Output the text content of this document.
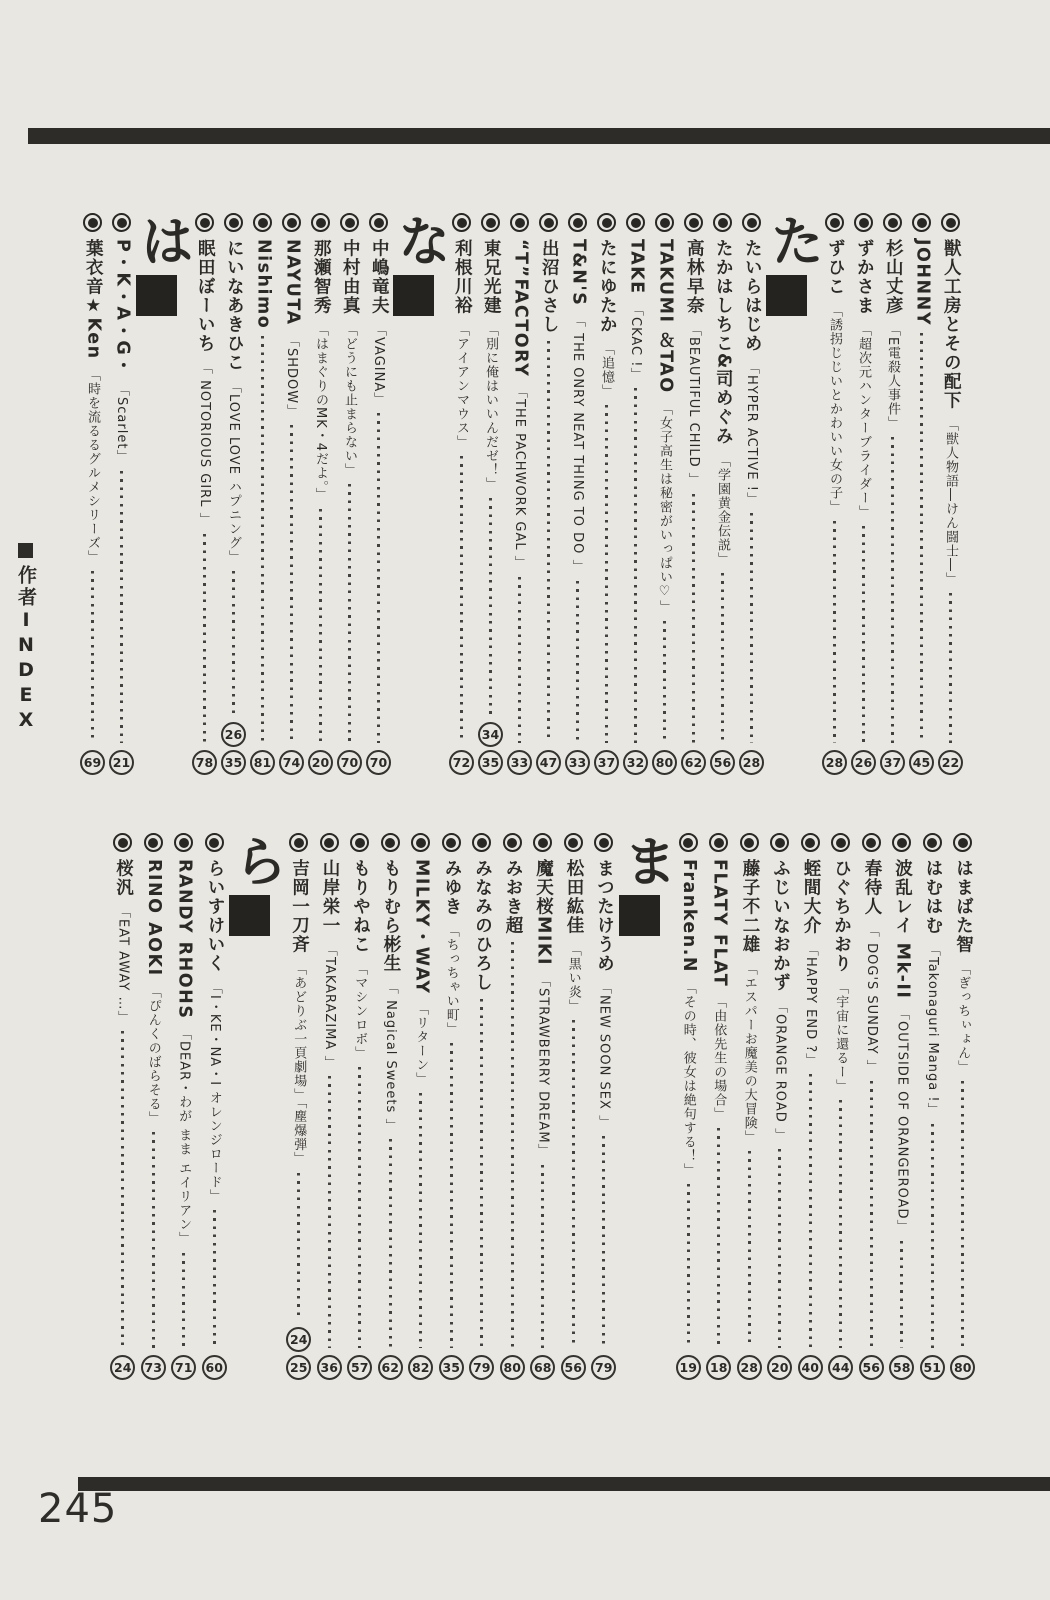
作者INDEX
獣人工房とその配下
「獣人物語―けん闘士―」
22
JOHNNY
45
杉山丈彦
「E電殺人事件」
37
ずかさま
「超次元ハンターブライダー」
26
ずひこ
「誘拐じじいとかわいい女の子」
28
た
たいらはじめ
「HYPER ACTIVE !」
28
たかはしちこ&司めぐみ
「学園黄金伝説」
56
高林早奈
「BEAUTIFUL CHILD 」
62
TAKUMI ＆TAO
「女子高生は秘密がいっぱい♡」
80
TAKE
「CKAC !」
32
たにゆたか
「追憶」
37
T&N'S
「 THE ONRY NEAT THING TO DO 」
33
出沼ひさし
47
“T”FACTORY
「THE PACHWORK GAL 」
33
東兄光建
「別に俺はいいんだゼ！」
34
35
利根川裕
「アイアンマウス」
72
な
中嶋竜夫
「VAGINA」
70
中村由真
「どうにも止まらない」
70
那瀬智秀
「はまぐりのMK・4だよ。」
20
NAYUTA
「SHDOW」
74
Nishimo
81
にいなあきひこ
「LOVE LOVE ハプニング」
26
35
眠田ぼーいち
「 NOTORIOUS GIRL 」
78
は
P・K・A・G・
「Scarlet」
21
葉衣音★Ken
「時を流るるグルメシリーズ」
69
はまばた智
「ぎっちぃょん」
80
はむはむ
「Takonaguri Manga !」
51
波乱レイ Mk-II
「OUTSIDE OF ORANGEROAD」
58
春待人
「 DOG'S SUNDAY 」
56
ひぐちかおり
「宇宙に還るー」
44
蛭間大介
「HAPPY END ?」
40
ふじいなおかず
「ORANGE ROAD 」
20
藤子不二雄
「エスパーお魔美の大冒険」
28
FLATY FLAT
「由依先生の場合」
18
Franken.N
「その時、彼女は絶句する！」
19
ま
まつたけうめ
「NEW SOON SEX 」
79
松田紘佳
「黒い炎」
56
魔天桜MIKI
「STRAWBERRY DREAM」
68
みおき超
80
みなみのひろし
79
みゆき
「ちっちゃい町」
35
MILKY・WAY
「リターン」
82
もりむら彬生
「 Nagical Sweets 」
62
もりやねこ
「マシンロボ」
57
山岸栄一
「TAKARAZIMA 」
36
吉岡一刀斉
「あどりぶ一頁劇場」「塵爆弾」
24
25
ら
らいすけいく
「I・KE・NA・I オレンジロード」
60
RANDY RHOHS
「DEAR・わが まま エイリアン」
71
RINO AOKI
「ぴんくのばらそる」
73
桜汎
「EAT AWAY …」
24
245
